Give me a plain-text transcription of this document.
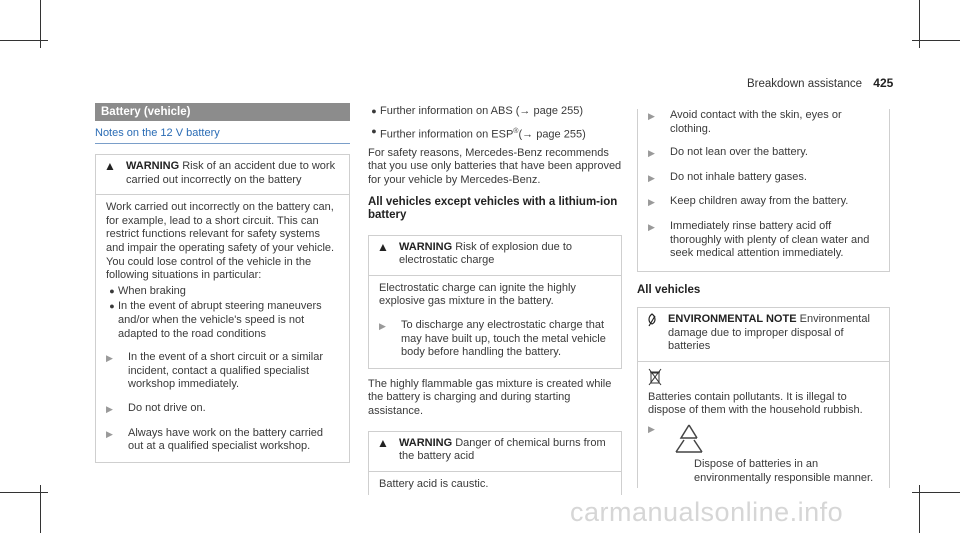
Breakdown assistance 425
Battery (vehicle)
Notes on the 12 V battery
▲ WARNING Risk of an accident due to work carried out incorrectly on the battery

Work carried out incorrectly on the battery can, for example, lead to a short circuit. This can restrict functions relevant for safety systems and impair the operating safety of your vehicle.

You could lose control of the vehicle in the following situations in particular:

● When braking
● In the event of abrupt steering maneuvers and/or when the vehicle's speed is not adapted to the road conditions
▶	In the event of a short circuit or a similar incident, contact a qualified specialist workshop immediately.
▶	Do not drive on.
▶	Always have work on the battery carried out at a qualified specialist workshop.
● Further information on ABS (→ page 255)
● Further information on ESP®(→ page 255)

For safety reasons, Mercedes-Benz recommends that you use only batteries that have been approved for your vehicle by Mercedes-Benz.

All vehicles except vehicles with a lithium-ion battery

▲ WARNING Risk of explosion due to electrostatic charge

Electrostatic charge can ignite the highly explosive gas mixture in the battery.

▶	To discharge any electrostatic charge that may have built up, touch the metal vehicle body before handling the battery.

The highly flammable gas mixture is created while the battery is charging and during starting assistance.

▲ WARNING Danger of chemical burns from the battery acid

Battery acid is caustic.

▶	Avoid contact with the skin, eyes or clothing.
▶	Do not lean over the battery.
▶	Do not inhale battery gases.
▶	Keep children away from the battery.
▶	Immediately rinse battery acid off thoroughly with plenty of clean water and seek medical attention immediately.

All vehicles

ENVIRONMENTAL NOTE Environmental damage due to improper disposal of batteries

Batteries contain pollutants. It is illegal to dispose of them with the household rubbish.

▶

Dispose of batteries in an environmentally responsible manner.

carmanualsonline.info
